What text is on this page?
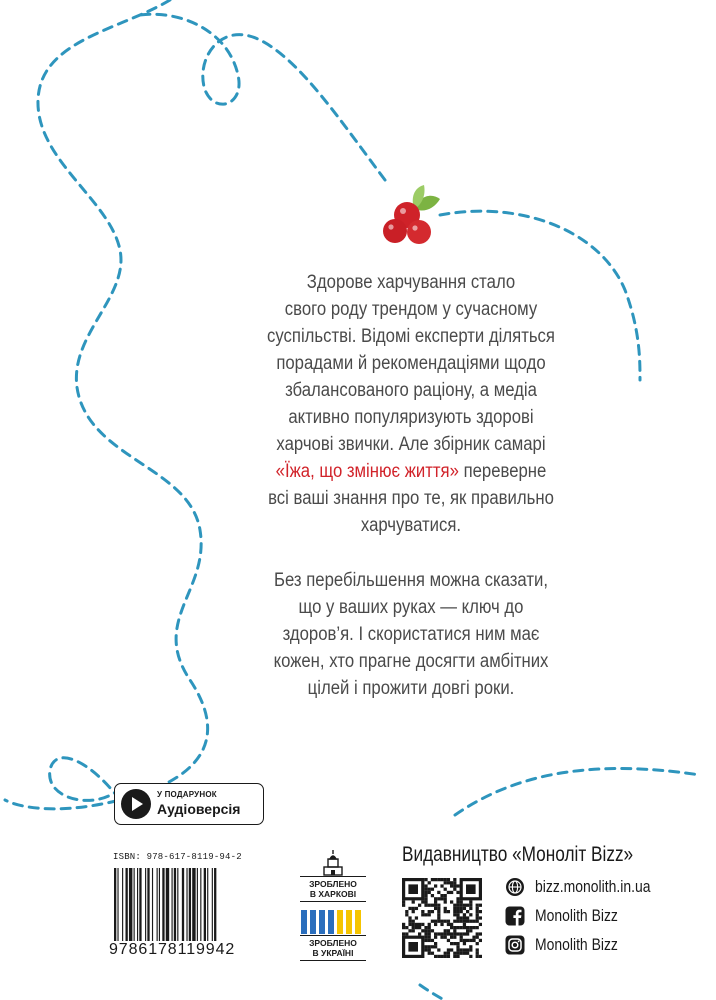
Здорове харчування стало
свого роду трендом у сучасному
суспільстві. Відомі експерти діляться
порадами й рекомендаціями щодо
збалансованого раціону, а медіа
активно популяризують здорові
харчові звички. Але збірник самарі
«Їжа, що змінює життя» переверне
всі ваші знання про те, як правильно
харчуватися.
Без перебільшення можна сказати,
що у ваших руках — ключ до
здоров’я. І скористатися ним має
кожен, хто прагне досягти амбітних
цілей і прожити довгі роки.
У ПОДАРУНОК
Аудіоверсія
ISBN: 978-617-8119-94-2
9786178119942
ЗРОБЛЕНО
В ХАРКОВІ
ЗРОБЛЕНО
В УКРАЇНІ
Видавництво «Моноліт Bizz»
bizz.monolith.in.ua
Monolith Bizz
Monolith Bizz
